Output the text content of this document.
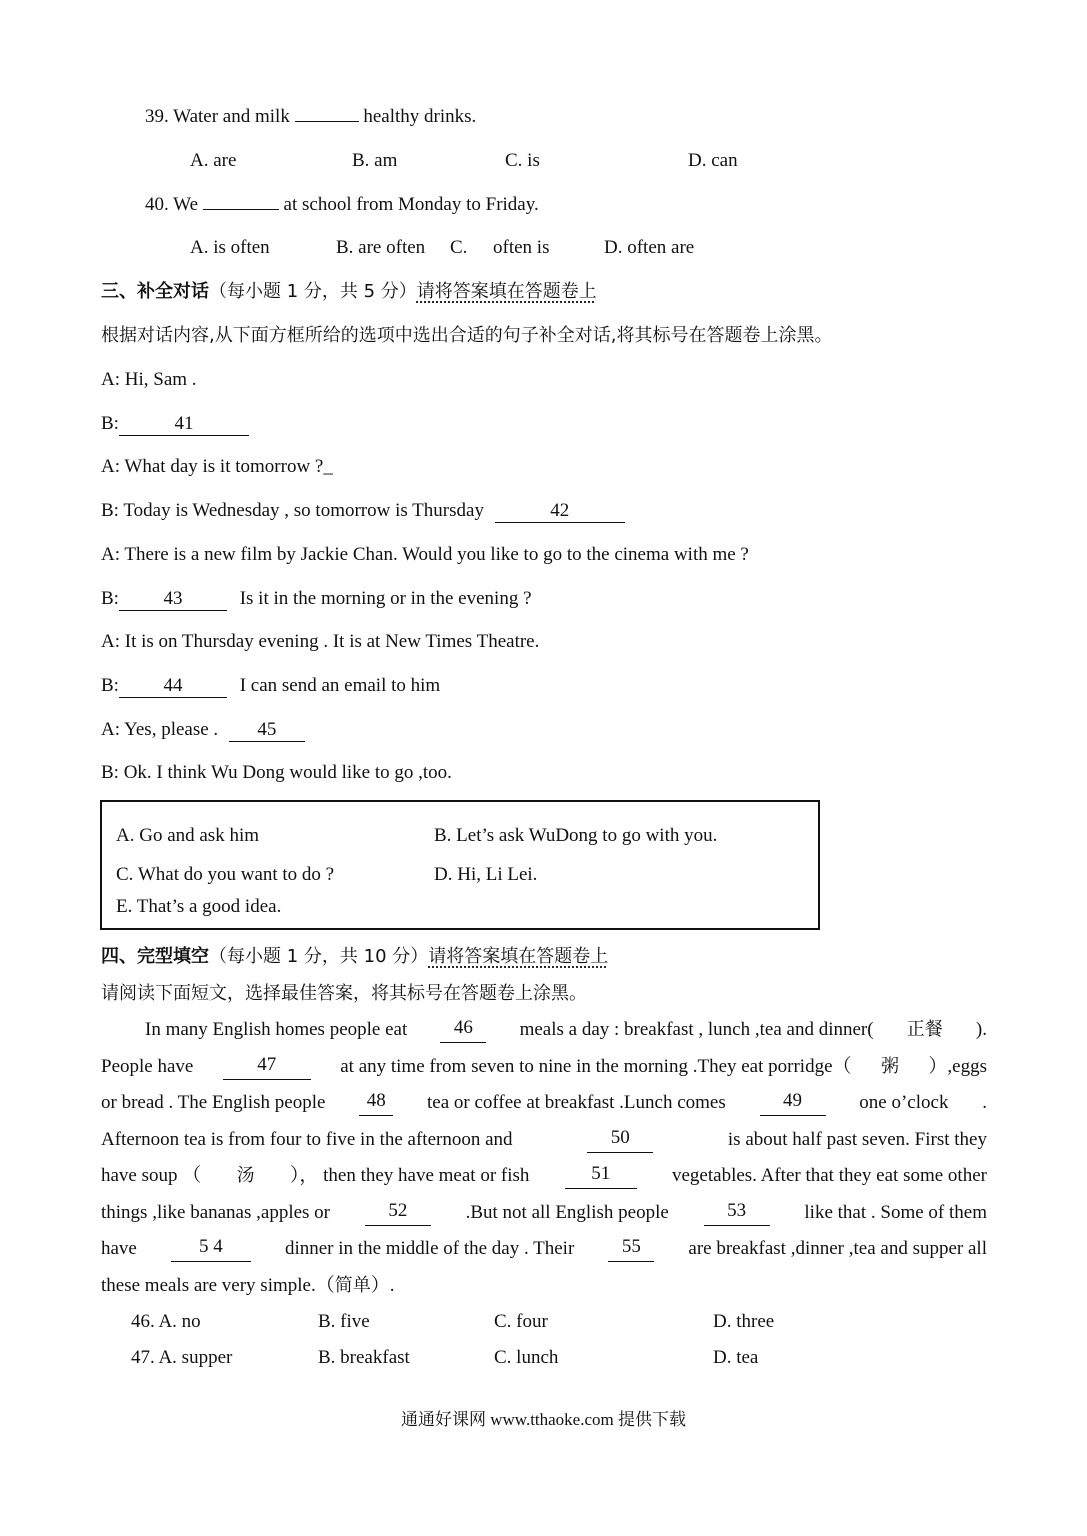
39. Water and milk	healthy drinks.
A. are	B. am	C. is	D. can
40. We	at school from Monday to Friday.
A. is often	B. are often C. often is	D. often are
三、补全对话（每小题 1 分，共 5 分）请将答案填在答题卷上
根据对话内容,从下面方框所给的选项中选出合适的句子补全对话,将其标号在答题卷上涂黑。
A: Hi, Sam .
B:	41
A: What day is it tomorrow ?_
B: Today is Wednesday , so tomorrow is Thursday	42
A: There is a new film by Jackie Chan. Would you like to go to the cinema with me ?
B: 43	Is it in the morning or in the evening ?
A: It is on Thursday evening . It is at New Times Theatre.
B: 44	I can send an email to him
A: Yes, please . 45
B: Ok. I think Wu Dong would like to go ,too.
A. Go and ask him	B. Let’s ask WuDong to go with you.
C. What do you want to do ?	D. Hi, Li Lei.
E. That’s a good idea.
四、完型填空（每小题 1 分，共 10 分）请将答案填在答题卷上
请阅读下面短文，选择最佳答案，将其标号在答题卷上涂黑。
In many English homes people eat	46	meals a day : breakfast , lunch ,tea and dinner( 正餐 ).
People have	47	at any time from seven to nine in the morning .They eat porridge（ 粥 ）,eggs
or bread . The English people	48	tea or coffee at breakfast .Lunch comes	49	one o’clock .
Afternoon tea is from four to five in the afternoon and	50	is about half past seven. First they
have soup （ 汤 ）， then they have meat or fish	51	vegetables. After that they eat some other
things ,like bananas ,apples or	52	.But not all English people	53	like that . Some of them
have	5 4	dinner in the middle of the day . Their	55	are breakfast ,dinner ,tea and supper all
these meals are very simple.（ 简单 ）.
46. A. no	B. five	C. four	D. three
47. A. supper	B. breakfast	C. lunch	D. tea
通通好课网 www.tthaoke.com 提供下载
